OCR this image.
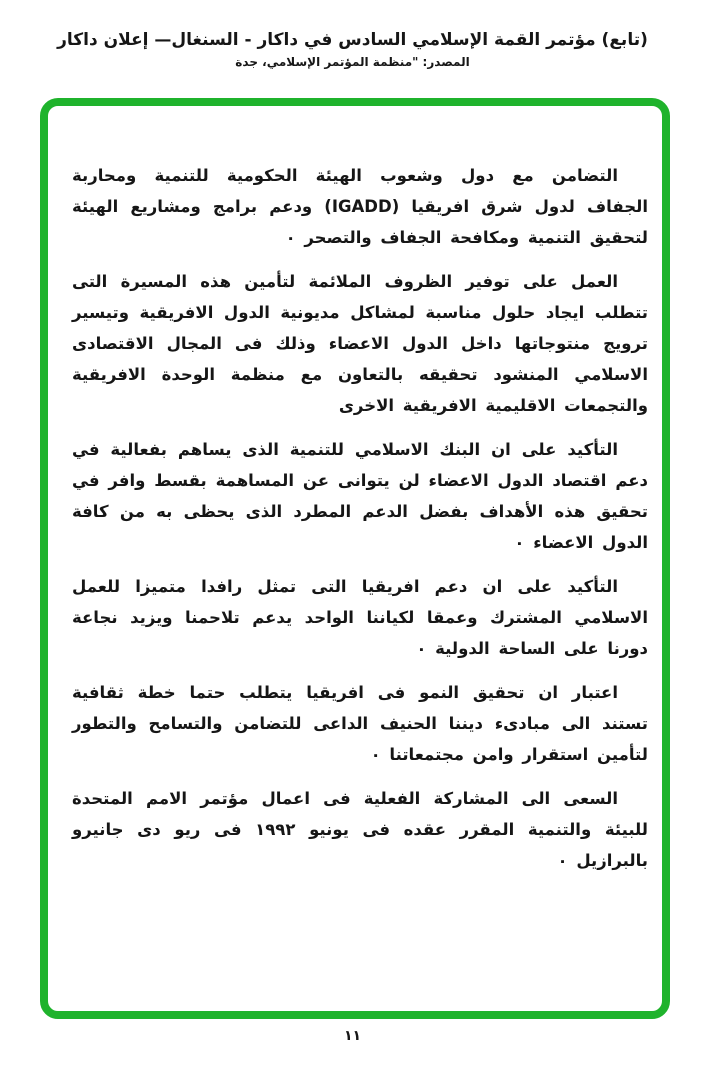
(تابع) مؤتمر القمة الإسلامي السادس في داكار - السنغال— إعلان داكار
المصدر: "منظمة المؤتمر الإسلامي، جدة

التضامن مع دول وشعوب الهيئة الحكومية للتنمية ومحاربة الجفاف لدول شرق افريقيا (IGADD) ودعم برامج ومشاريع الهيئة لتحقيق التنمية ومكافحة الجفاف والتصحر ٠

العمل على توفير الظروف الملائمة لتأمين هذه المسيرة التى تتطلب ايجاد حلول مناسبة لمشاكل مديونية الدول الافريقية وتيسير ترويج منتوجاتها داخل الدول الاعضاء وذلك فى المجال الاقتصادى الاسلامي المنشود تحقيقه بالتعاون مع منظمة الوحدة الافريقية والتجمعات الاقليمية الافريقية الاخرى

التأكيد على ان البنك الاسلامي للتنمية الذى يساهم بفعالية في دعم اقتصاد الدول الاعضاء لن يتوانى عن المساهمة بقسط وافر في تحقيق هذه الأهداف بفضل الدعم المطرد الذى يحظى به من كافة الدول الاعضاء ٠

التأكيد على ان دعم افريقيا التى تمثل رافدا متميزا للعمل الاسلامي المشترك وعمقا لكياننا الواحد يدعم تلاحمنا ويزيد نجاعة دورنا على الساحة الدولية ٠

اعتبار ان تحقيق النمو فى افريقيا يتطلب حتما خطة ثقافية تستند الى مبادىء ديننا الحنيف الداعى للتضامن والتسامح والتطور لتأمين استقرار وامن مجتمعاتنا ٠

السعى الى المشاركة الفعلية فى اعمال مؤتمر الامم المتحدة للبيئة والتنمية المقرر عقده فى يونيو ١٩٩٢ فى ريو دى جانيرو بالبرازيل ٠

١١
